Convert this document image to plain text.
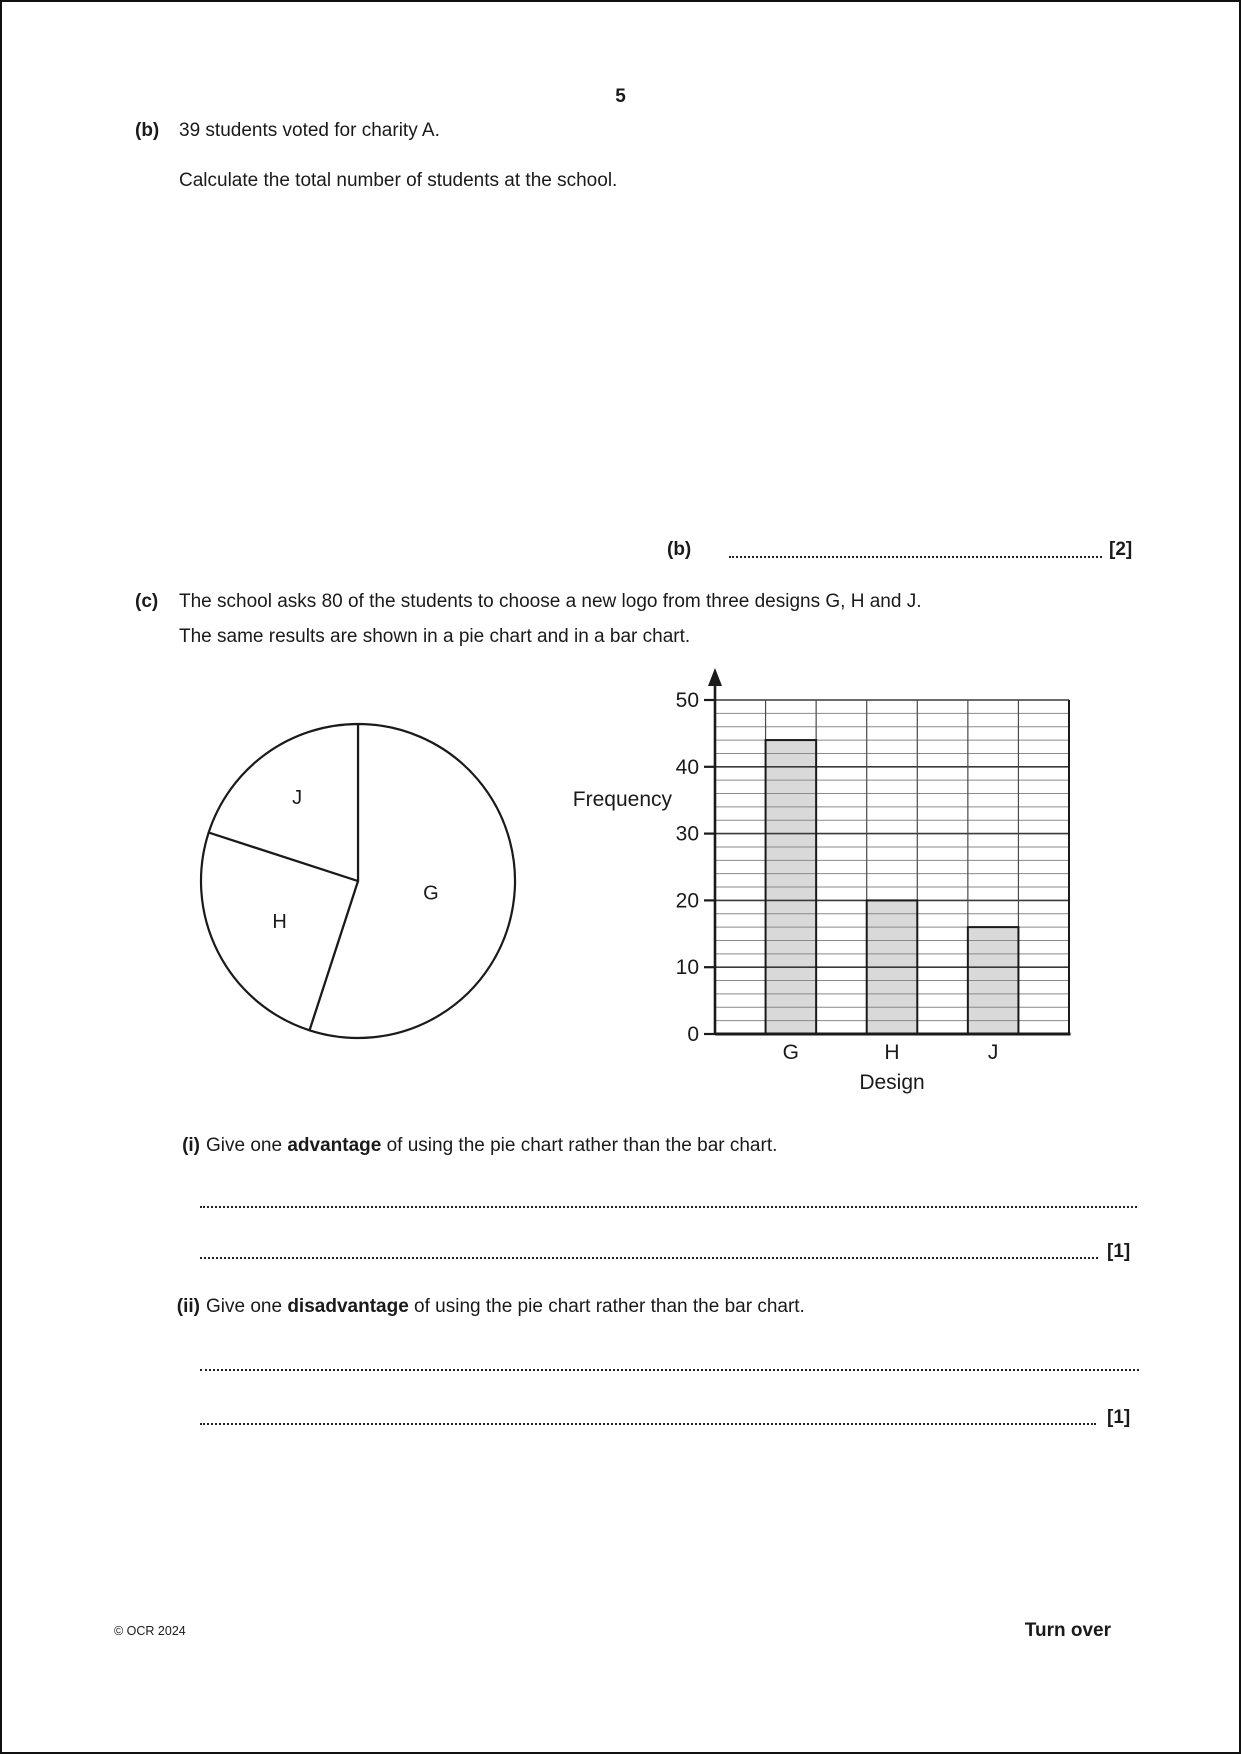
5
(b) 39 students voted for charity A.
Calculate the total number of students at the school.
(b)	[2]
(c) The school asks 80 of the students to choose a new logo from three designs G, H and J.
The same results are shown in a pie chart and in a bar chart.
G
H
J
0
10
20
30
40
50
G	H	J
Frequency
Design
(i) Give one advantage of using the pie chart rather than the bar chart.
[1]
(ii) Give one disadvantage of using the pie chart rather than the bar chart.
[1]
© OCR 2024	Turn over
